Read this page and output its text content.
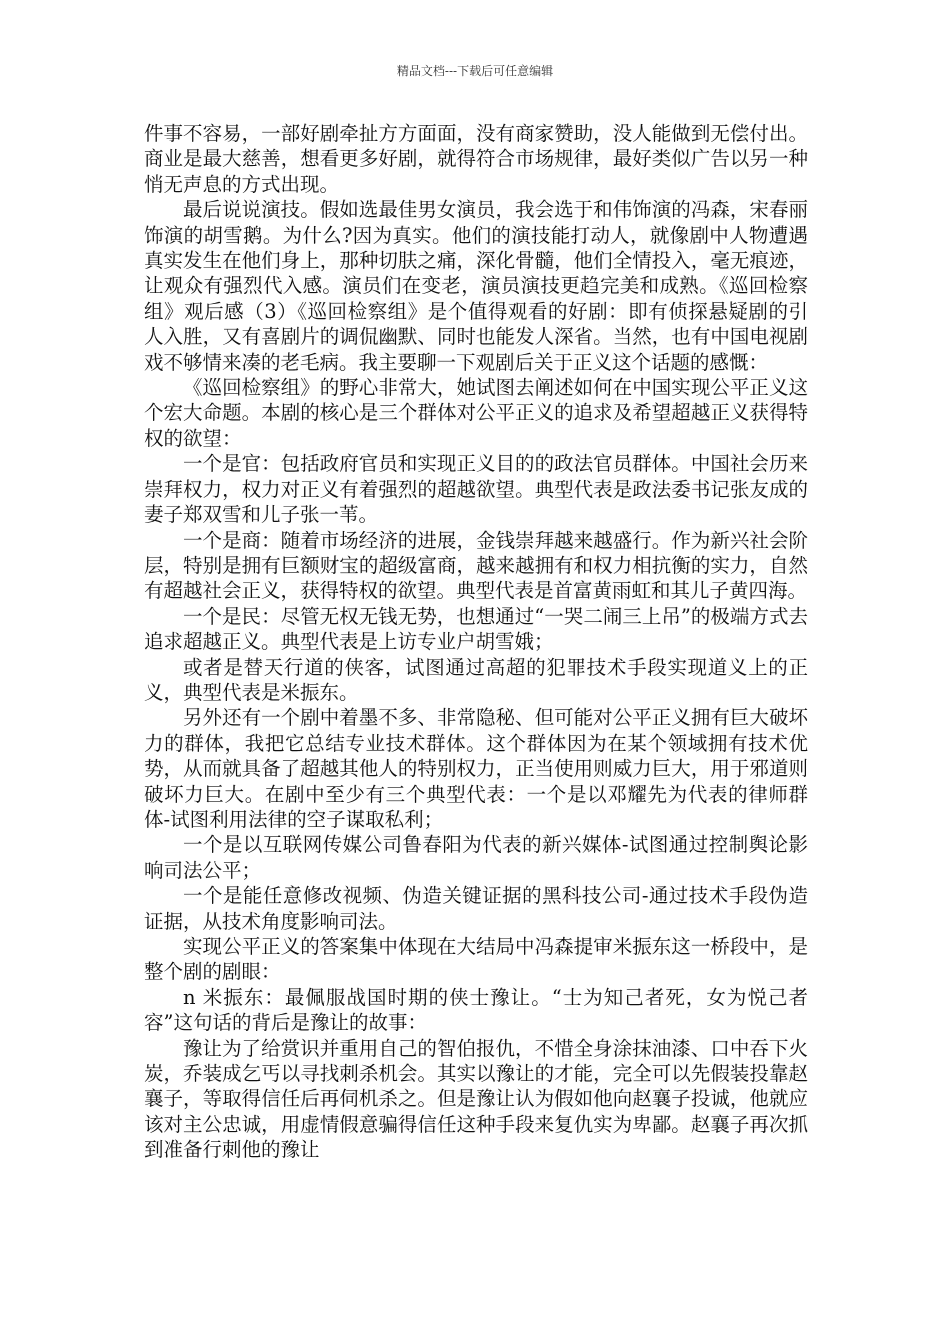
精品文档---下载后可任意编辑

件事不容易，一部好剧牵扯方方面面，没有商家赞助，没人能做到无偿付出。商业是最大慈善，想看更多好剧，就得符合市场规律，最好类似广告以另一种悄无声息的方式出现。

最后说说演技。假如选最佳男女演员，我会选于和伟饰演的冯森，宋春丽饰演的胡雪鹅。为什么?因为真实。他们的演技能打动人，就像剧中人物遭遇真实发生在他们身上，那种切肤之痛，深化骨髓，他们全情投入，毫无痕迹，让观众有强烈代入感。演员们在变老，演员演技更趋完美和成熟。《巡回检察组》观后感（3）《巡回检察组》是个值得观看的好剧：即有侦探悬疑剧的引人入胜，又有喜剧片的调侃幽默、同时也能发人深省。当然，也有中国电视剧戏不够情来凑的老毛病。我主要聊一下观剧后关于正义这个话题的感慨：

《巡回检察组》的野心非常大，她试图去阐述如何在中国实现公平正义这个宏大命题。本剧的核心是三个群体对公平正义的追求及希望超越正义获得特权的欲望：

一个是官：包括政府官员和实现正义目的的政法官员群体。中国社会历来崇拜权力，权力对正义有着强烈的超越欲望。典型代表是政法委书记张友成的妻子郑双雪和儿子张一苇。

一个是商：随着市场经济的进展，金钱崇拜越来越盛行。作为新兴社会阶层，特别是拥有巨额财宝的超级富商，越来越拥有和权力相抗衡的实力，自然有超越社会正义，获得特权的欲望。典型代表是首富黄雨虹和其儿子黄四海。

一个是民：尽管无权无钱无势，也想通过“一哭二闹三上吊”的极端方式去追求超越正义。典型代表是上访专业户胡雪娥；

或者是替天行道的侠客，试图通过高超的犯罪技术手段实现道义上的正义，典型代表是米振东。

另外还有一个剧中着墨不多、非常隐秘、但可能对公平正义拥有巨大破坏力的群体，我把它总结专业技术群体。这个群体因为在某个领域拥有技术优势，从而就具备了超越其他人的特别权力，正当使用则威力巨大，用于邪道则破坏力巨大。在剧中至少有三个典型代表：一个是以邓耀先为代表的律师群体-试图利用法律的空子谋取私利；

一个是以互联网传媒公司鲁春阳为代表的新兴媒体-试图通过控制舆论影响司法公平；

一个是能任意修改视频、伪造关键证据的黑科技公司-通过技术手段伪造证据，从技术角度影响司法。

实现公平正义的答案集中体现在大结局中冯森提审米振东这一桥段中，是整个剧的剧眼：

n 米振东：最佩服战国时期的侠士豫让。“士为知己者死，女为悦己者容”这句话的背后是豫让的故事：

豫让为了给赏识并重用自己的智伯报仇，不惜全身涂抹油漆、口中吞下火炭，乔装成乞丐以寻找刺杀机会。其实以豫让的才能，完全可以先假装投靠赵襄子，等取得信任后再伺机杀之。但是豫让认为假如他向赵襄子投诚，他就应该对主公忠诚，用虚情假意骗得信任这种手段来复仇实为卑鄙。赵襄子再次抓到准备行刺他的豫让
